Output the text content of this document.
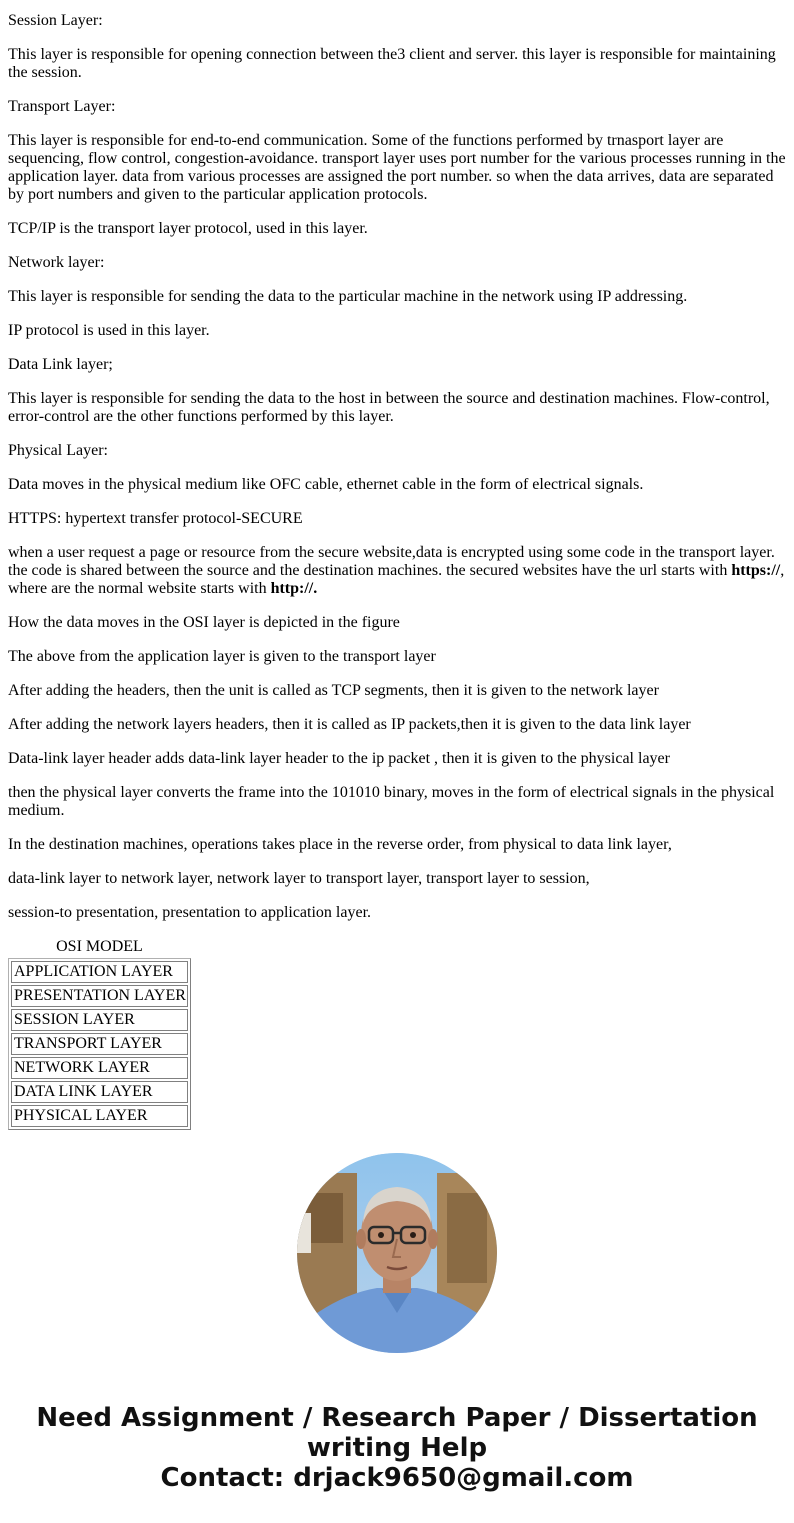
Session Layer:

This layer is responsible for opening connection between the3 client and server. this layer is responsible for maintaining the session.

Transport Layer:

This layer is responsible for end-to-end communication. Some of the functions performed by trnasport layer are sequencing, flow control, congestion-avoidance. transport layer uses port number for the various processes running in the application layer. data from various processes are assigned the port number. so when the data arrives, data are separated by port numbers and given to the particular application protocols.

TCP/IP is the transport layer protocol, used in this layer.

Network layer:

This layer is responsible for sending the data to the particular machine in the network using IP addressing.

IP protocol is used in this layer.

Data Link layer;

This layer is responsible for sending the data to the host in between the source and destination machines. Flow-control, error-control are the other functions performed by this layer.

Physical Layer:

Data moves in the physical medium like OFC cable, ethernet cable in the form of electrical signals.

HTTPS: hypertext transfer protocol-SECURE

when a user request a page or resource from the secure website,data is encrypted using some code in the transport layer. the code is shared between the source and the destination machines. the secured websites have the url starts with https://, where are the normal website starts with http://.

How the data moves in the OSI layer is depicted in the figure

The above from the application layer is given to the transport layer

After adding the headers, then the unit is called as TCP segments, then it is given to the network layer

After adding the network layers headers, then it is called as IP packets,then it is given to the data link layer

Data-link layer header adds data-link layer header to the ip packet , then it is given to the physical layer

then the physical layer converts the frame into the 101010 binary, moves in the form of electrical signals in the physical medium.

In the destination machines, operations takes place in the reverse order, from physical to data link layer,

data-link layer to network layer, network layer to transport layer, transport layer to session,

session-to presentation, presentation to application layer.

OSI MODEL
APPLICATION LAYER
PRESENTATION LAYER
SESSION LAYER
TRANSPORT LAYER
NETWORK LAYER
DATA LINK LAYER
PHYSICAL LAYER
Need Assignment / Research Paper / Dissertation
writing Help
Contact: drjack9650@gmail.com
